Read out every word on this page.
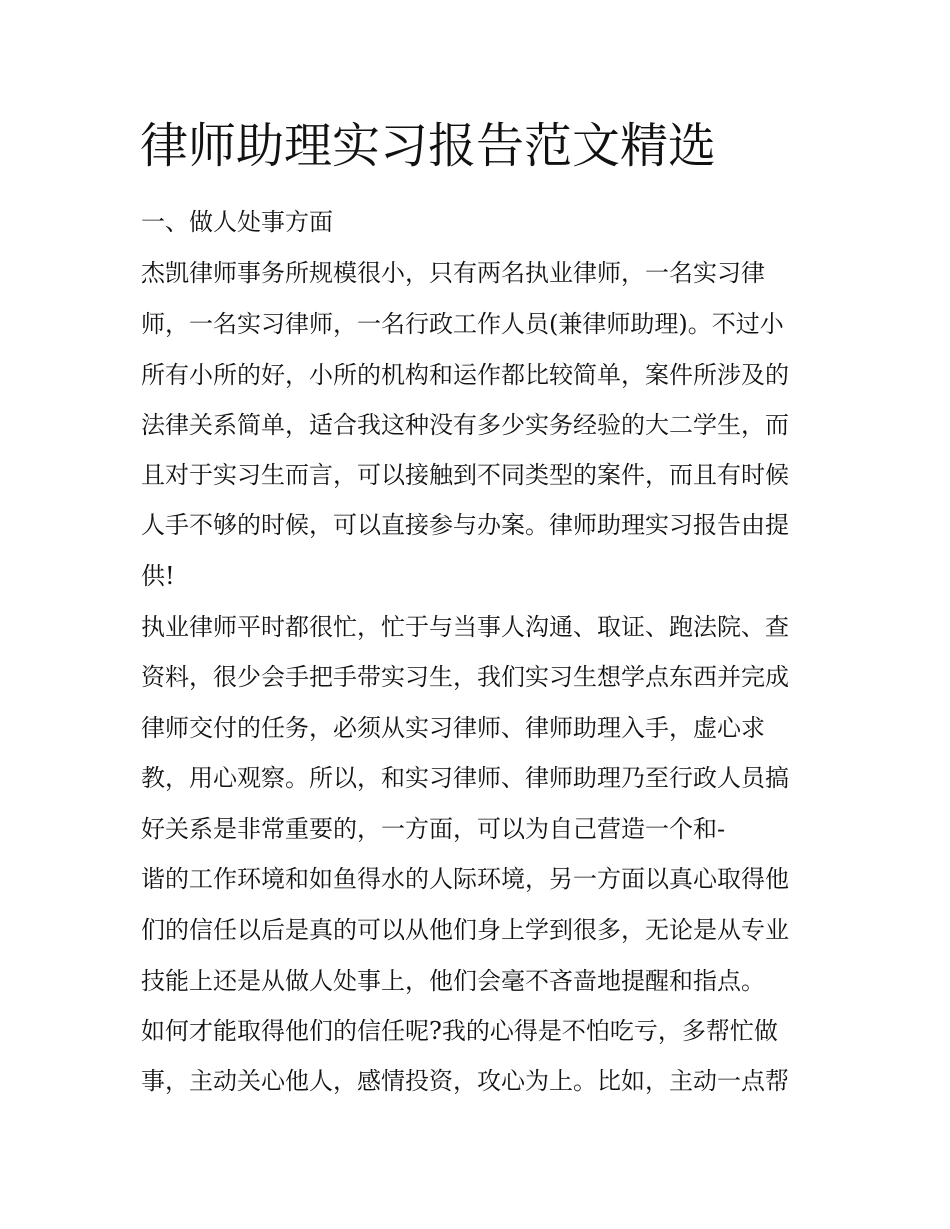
律师助理实习报告范文精选
一、做人处事方面

杰凯律师事务所规模很小，只有两名执业律师，一名实习律

师，一名实习律师，一名行政工作人员(兼律师助理)。不过小

所有小所的好，小所的机构和运作都比较简单，案件所涉及的

法律关系简单，适合我这种没有多少实务经验的大二学生，而

且对于实习生而言，可以接触到不同类型的案件，而且有时候

人手不够的时候，可以直接参与办案。律师助理实习报告由提

供!

执业律师平时都很忙，忙于与当事人沟通、取证、跑法院、查

资料，很少会手把手带实习生，我们实习生想学点东西并完成

律师交付的任务，必须从实习律师、律师助理入手，虚心求

教，用心观察。所以，和实习律师、律师助理乃至行政人员搞

好关系是非常重要的，一方面，可以为自己营造一个和-

谐的工作环境和如鱼得水的人际环境，另一方面以真心取得他

们的信任以后是真的可以从他们身上学到很多，无论是从专业

技能上还是从做人处事上，他们会毫不吝啬地提醒和指点。

如何才能取得他们的信任呢?我的心得是不怕吃亏，多帮忙做

事，主动关心他人，感情投资，攻心为上。比如，主动一点帮
